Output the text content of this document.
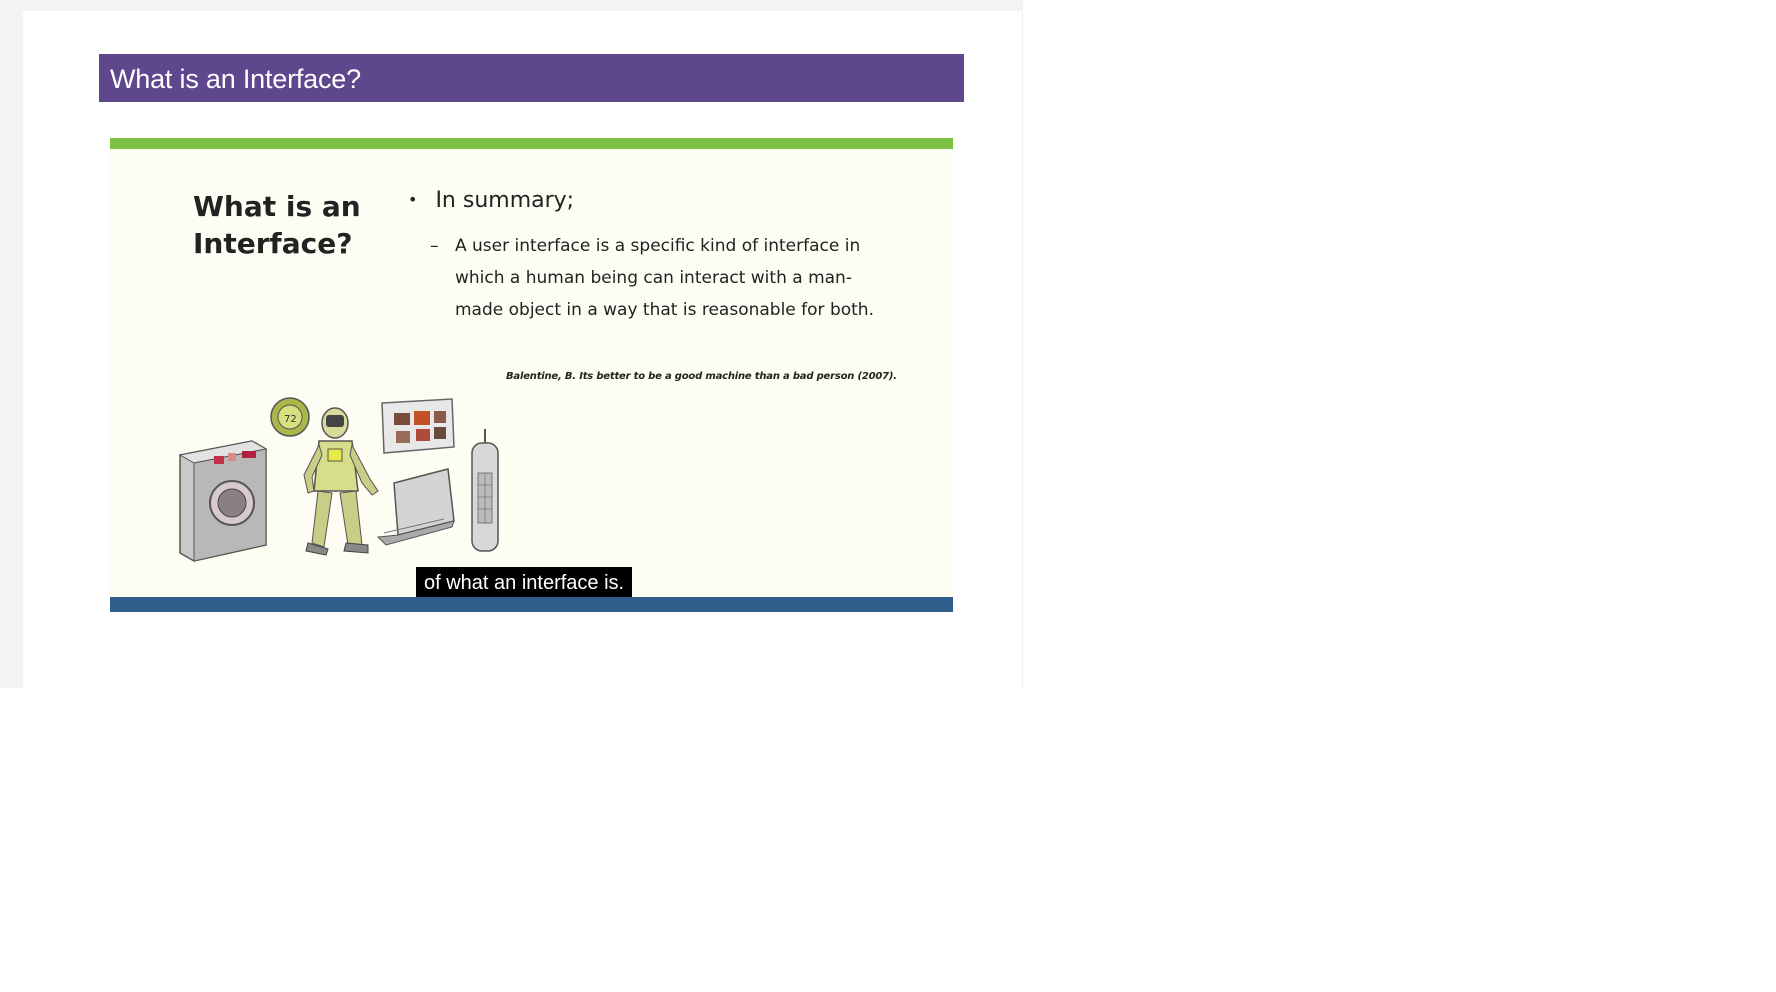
What is an Interface?
What is an Interface?
• In summary;
– A user interface is a specific kind of interface in which a human being can interact with a man-made object in a way that is reasonable for both.
Balentine, B. Its better to be a good machine than a bad person (2007).
72
of what an interface is.
